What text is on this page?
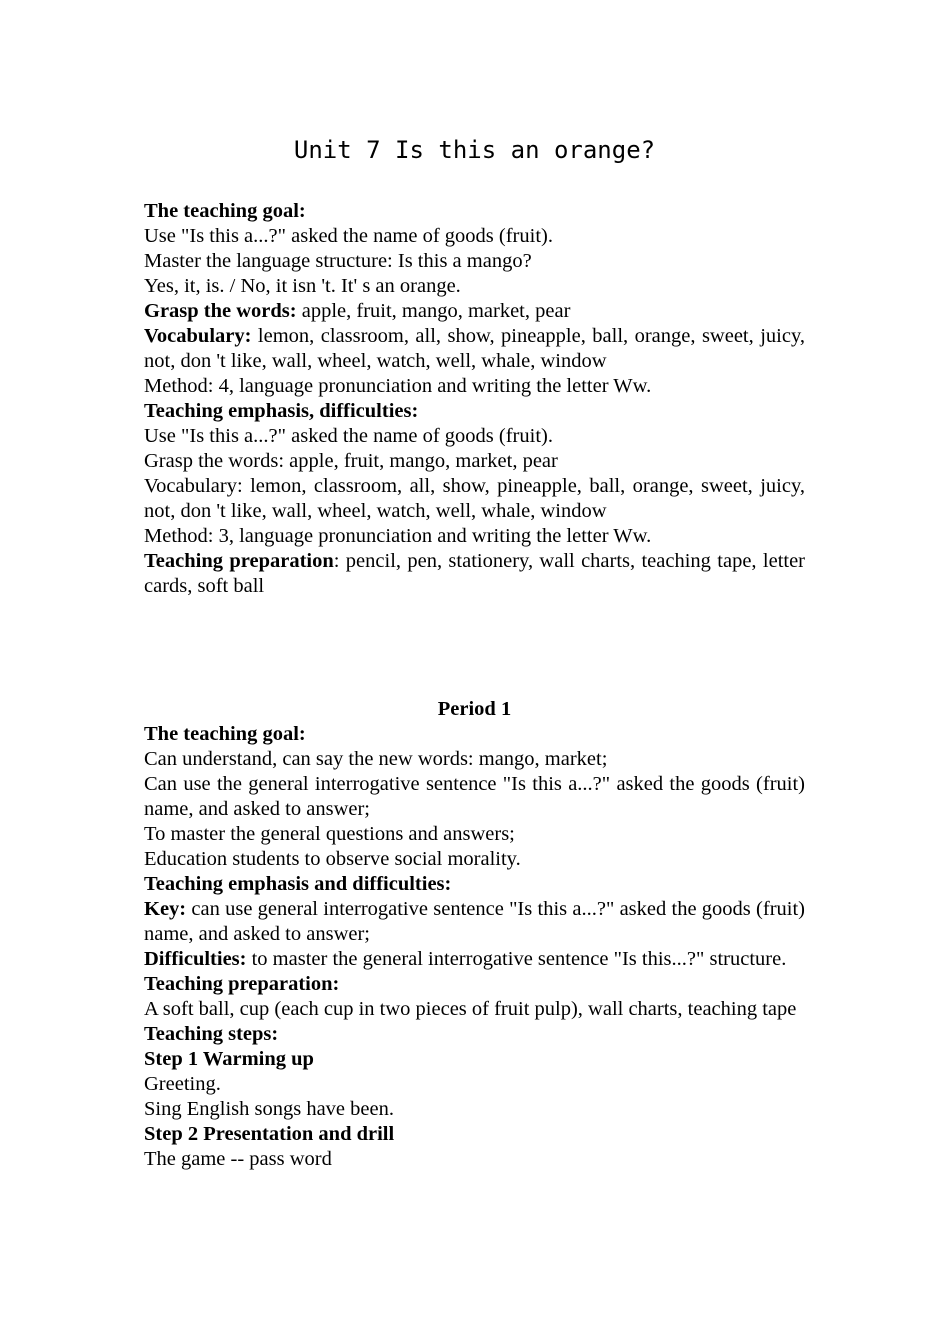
Unit 7 Is this an orange?

The teaching goal:

Use "Is this a...?" asked the name of goods (fruit).

Master the language structure: Is this a mango?

Yes, it, is. / No, it isn 't. It' s an orange.

Grasp the words: apple, fruit, mango, market, pear

Vocabulary: lemon, classroom, all, show, pineapple, ball, orange, sweet, juicy, not, don 't like, wall, wheel, watch, well, whale, window

Method: 4, language pronunciation and writing the letter Ww.

Teaching emphasis, difficulties:

Use "Is this a...?" asked the name of goods (fruit).

Grasp the words: apple, fruit, mango, market, pear

Vocabulary: lemon, classroom, all, show, pineapple, ball, orange, sweet, juicy, not, don 't like, wall, wheel, watch, well, whale, window

Method: 3, language pronunciation and writing the letter Ww.

Teaching preparation: pencil, pen, stationery, wall charts, teaching tape, letter cards, soft ball

Period 1

The teaching goal:

Can understand, can say the new words: mango, market;

Can use the general interrogative sentence "Is this a...?" asked the goods (fruit) name, and asked to answer;

To master the general questions and answers;

Education students to observe social morality.

Teaching emphasis and difficulties:

Key: can use general interrogative sentence "Is this a...?" asked the goods (fruit) name, and asked to answer;

Difficulties: to master the general interrogative sentence "Is this...?" structure.

Teaching preparation:

A soft ball, cup (each cup in two pieces of fruit pulp), wall charts, teaching tape

Teaching steps:

Step 1 Warming up

Greeting.

Sing English songs have been.

Step 2 Presentation and drill

The game -- pass word
